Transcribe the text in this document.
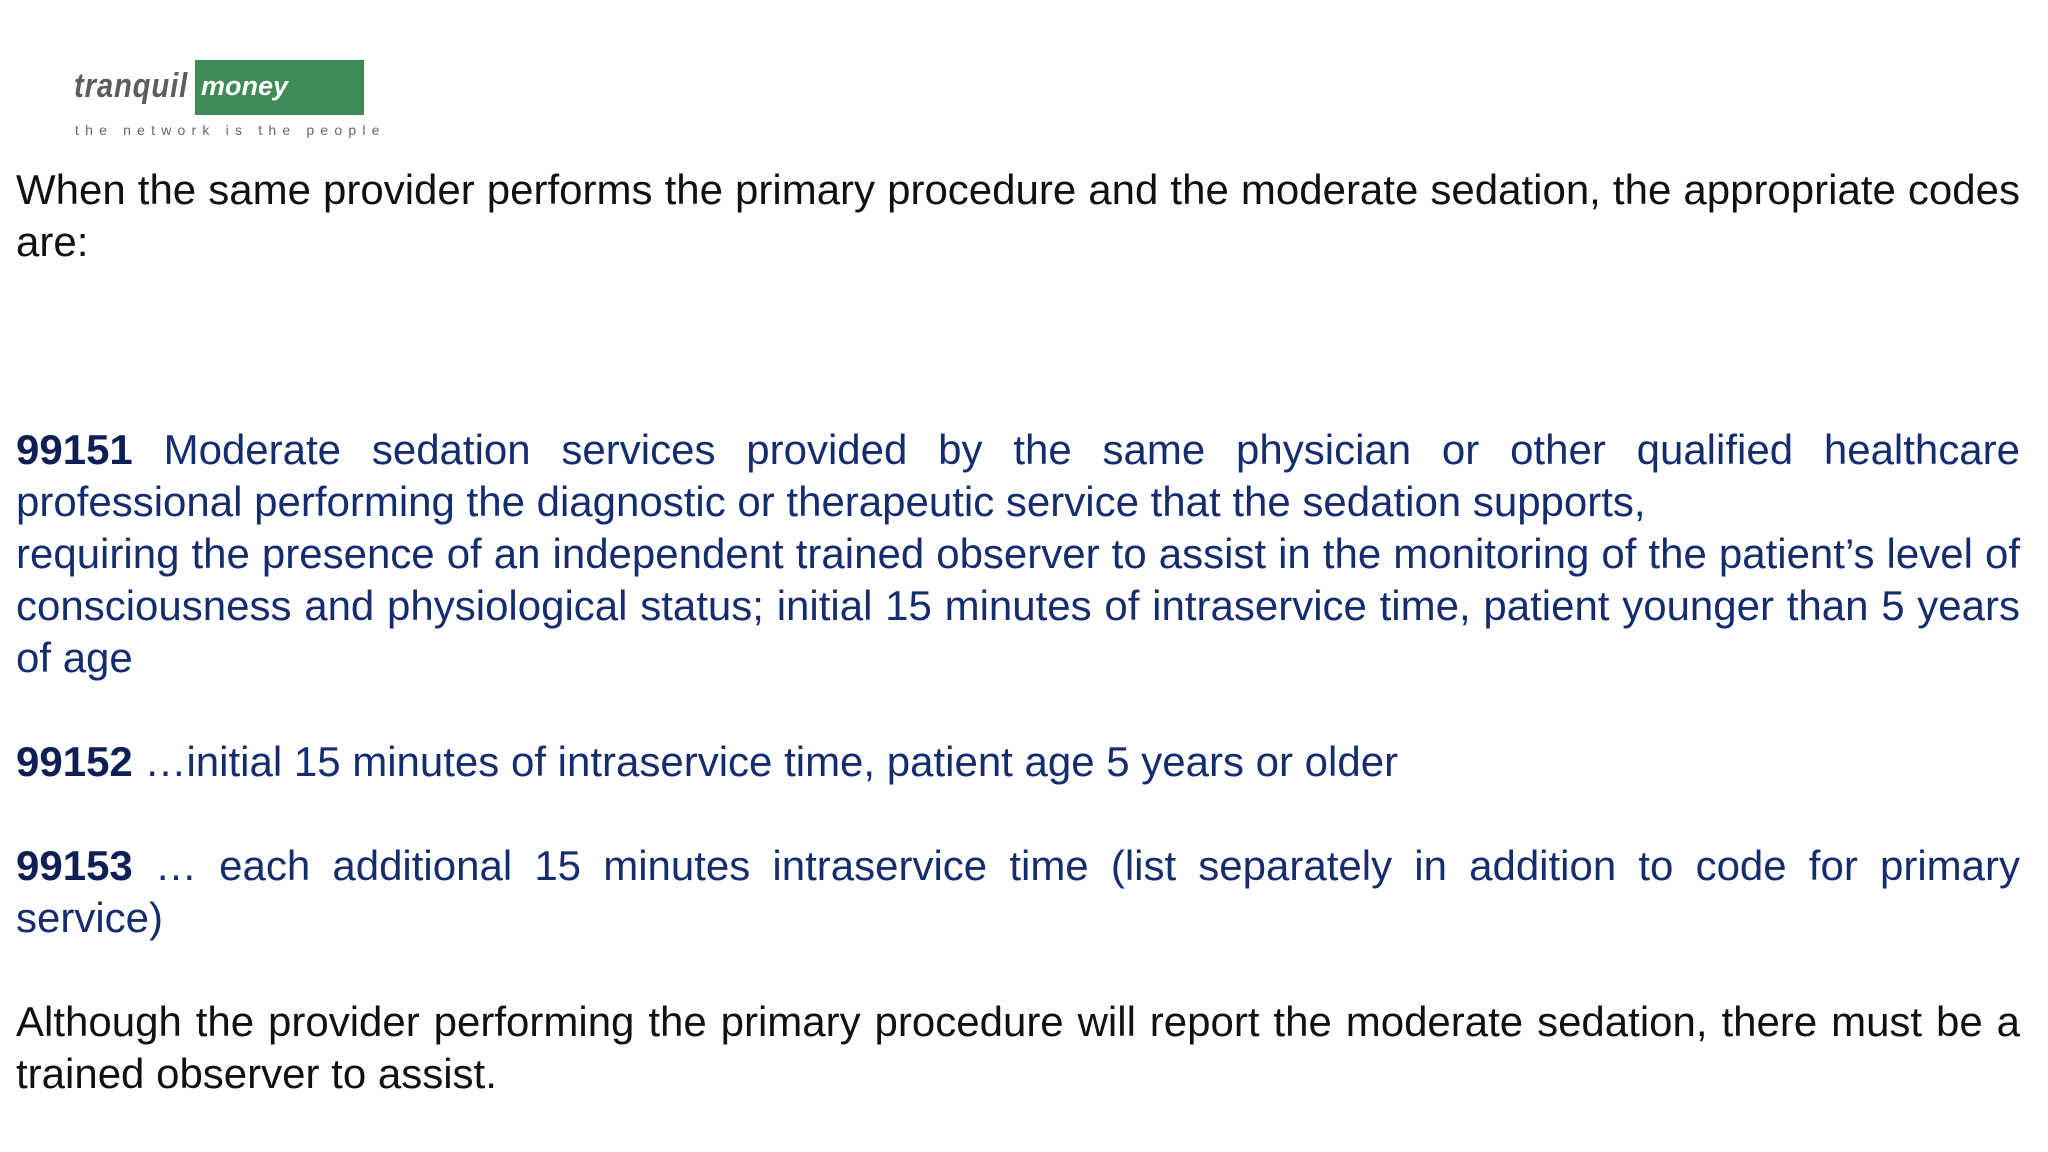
tranquil money
the network is the people

When the same provider performs the primary procedure and the moderate sedation, the appropriate codes are:

99151 Moderate sedation services provided by the same physician or other qualified healthcare professional performing the diagnostic or therapeutic service that the sedation supports,

requiring the presence of an independent trained observer to assist in the monitoring of the patient’s level of consciousness and physiological status; initial 15 minutes of intraservice time, patient younger than 5 years of age

99152 …initial 15 minutes of intraservice time, patient age 5 years or older

99153 … each additional 15 minutes intraservice time (list separately in addition to code for primary service)

Although the provider performing the primary procedure will report the moderate sedation, there must be a trained observer to assist.
